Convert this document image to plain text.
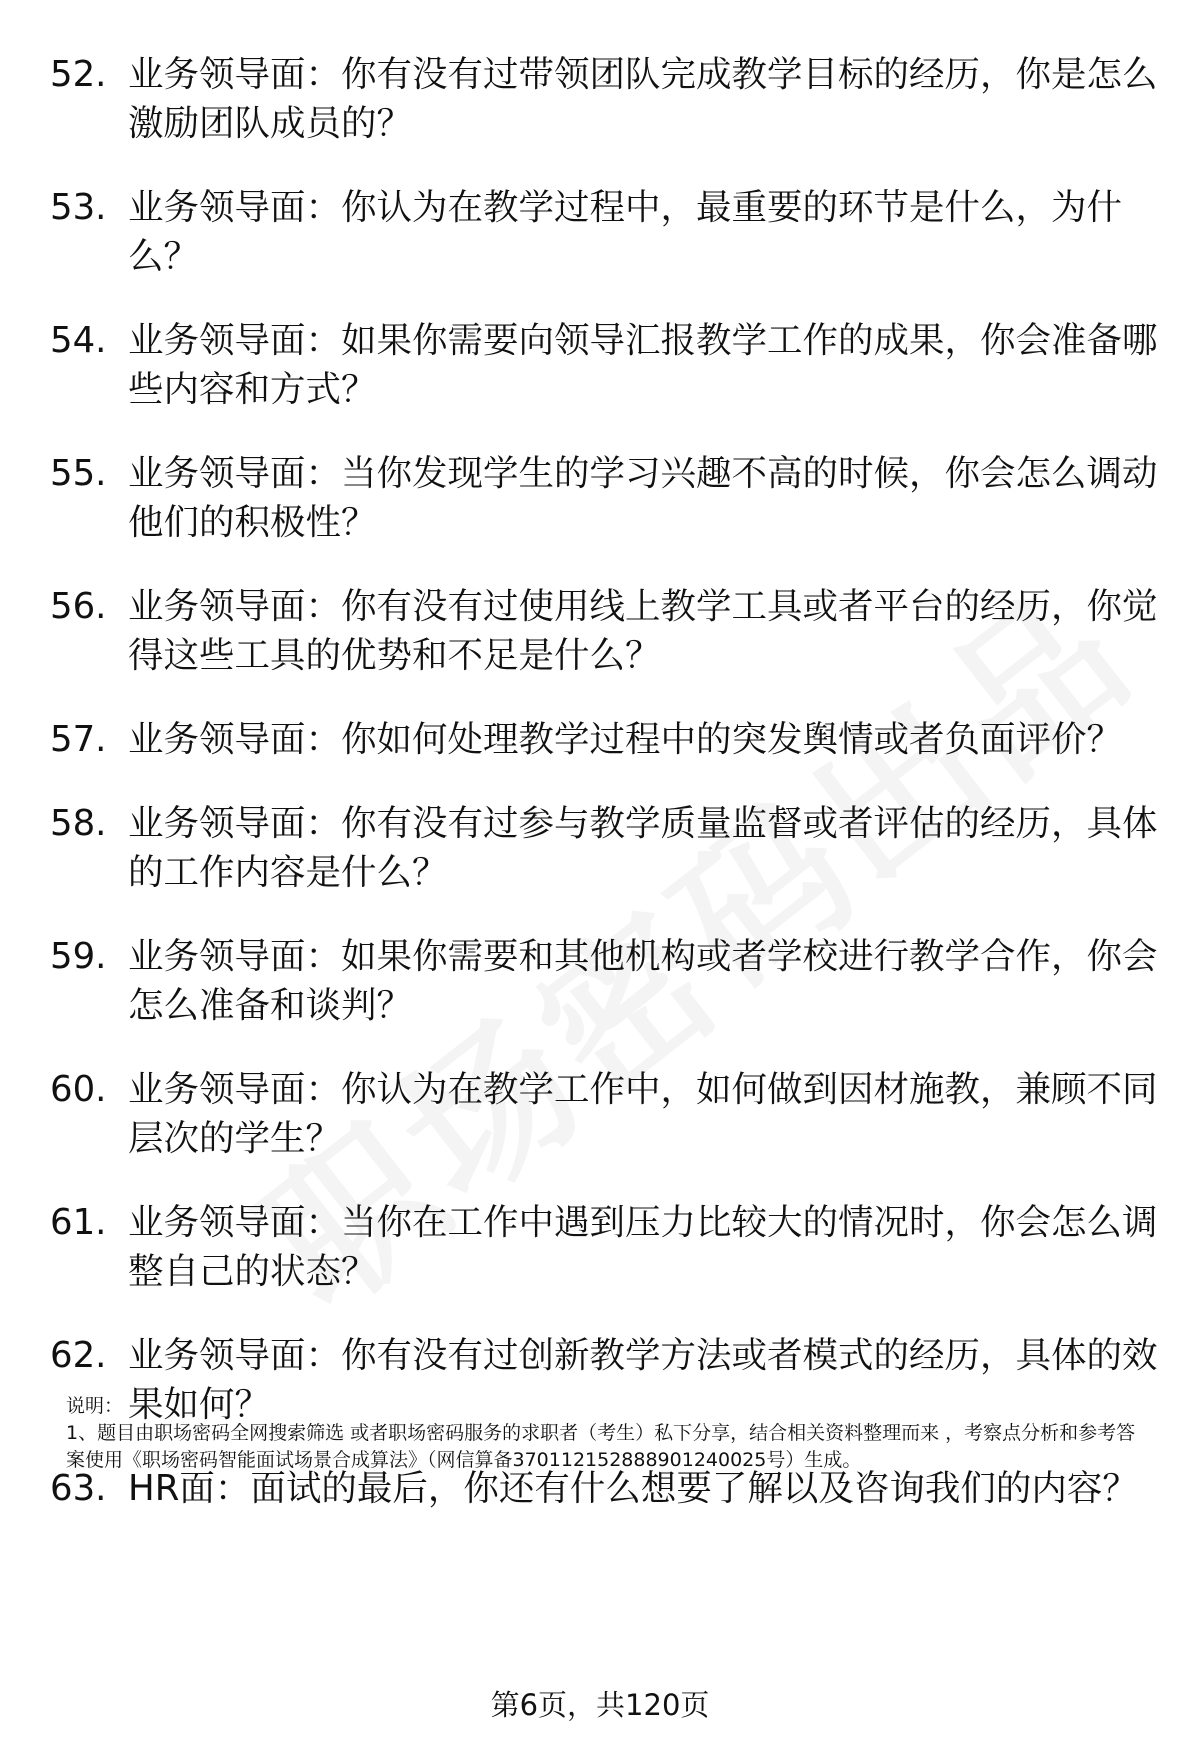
52. 业务领导面：你有没有过带领团队完成教学目标的经历，你是怎么激励团队成员的？
53. 业务领导面：你认为在教学过程中，最重要的环节是什么，为什么？
54. 业务领导面：如果你需要向领导汇报教学工作的成果，你会准备哪些内容和方式？
55. 业务领导面：当你发现学生的学习兴趣不高的时候，你会怎么调动他们的积极性？
56. 业务领导面：你有没有过使用线上教学工具或者平台的经历，你觉得这些工具的优势和不足是什么？
57. 业务领导面：你如何处理教学过程中的突发舆情或者负面评价？
58. 业务领导面：你有没有过参与教学质量监督或者评估的经历，具体的工作内容是什么？
59. 业务领导面：如果你需要和其他机构或者学校进行教学合作，你会怎么准备和谈判？
60. 业务领导面：你认为在教学工作中，如何做到因材施教，兼顾不同层次的学生？
61. 业务领导面：当你在工作中遇到压力比较大的情况时，你会怎么调整自己的状态？
62. 业务领导面：你有没有过创新教学方法或者模式的经历，具体的效果如何？
63. HR面：面试的最后，你还有什么想要了解以及咨询我们的内容？

说明：

1、题目由职场密码全网搜索筛选 或者职场密码服务的求职者（考生）私下分享，结合相关资料整理而来 ，考察点分析和参考答案使用《职场密码智能面试场景合成算法》（网信算备370112152888901240025号）生成。

第6页，共120页
